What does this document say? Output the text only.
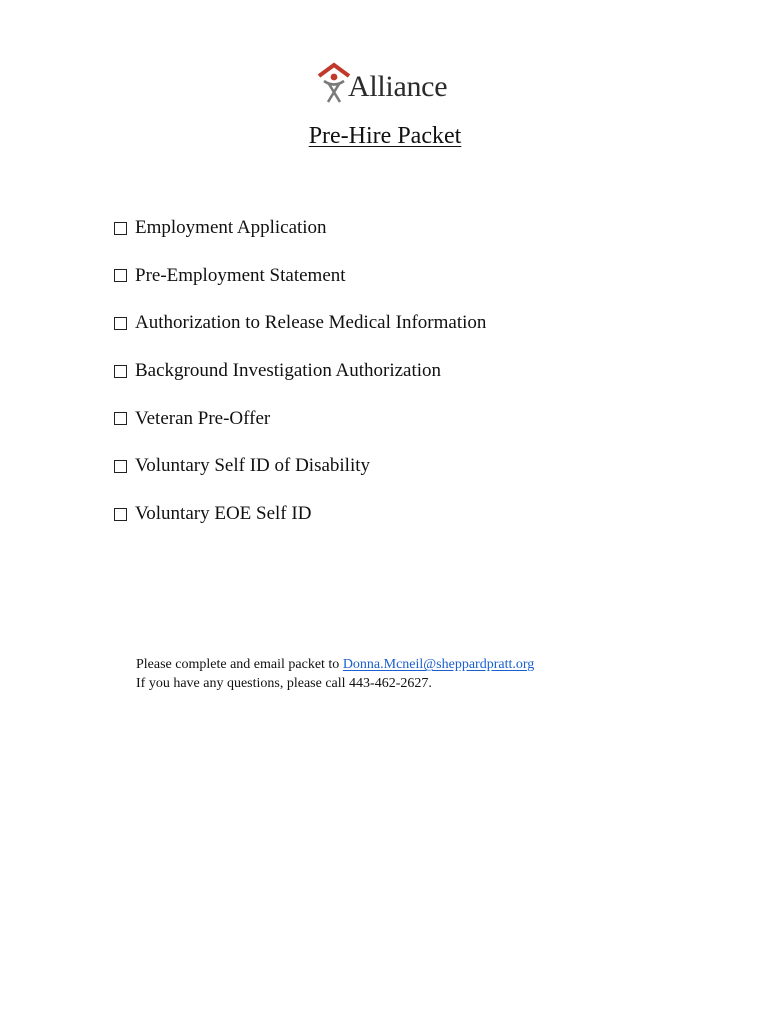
Alliance
Pre-Hire Packet
Employment Application
Pre-Employment Statement
Authorization to Release Medical Information
Background Investigation Authorization
Veteran Pre-Offer
Voluntary Self ID of Disability
Voluntary EOE Self ID
Please complete and email packet to Donna.Mcneil@sheppardpratt.org
If you have any questions, please call 443-462-2627.
